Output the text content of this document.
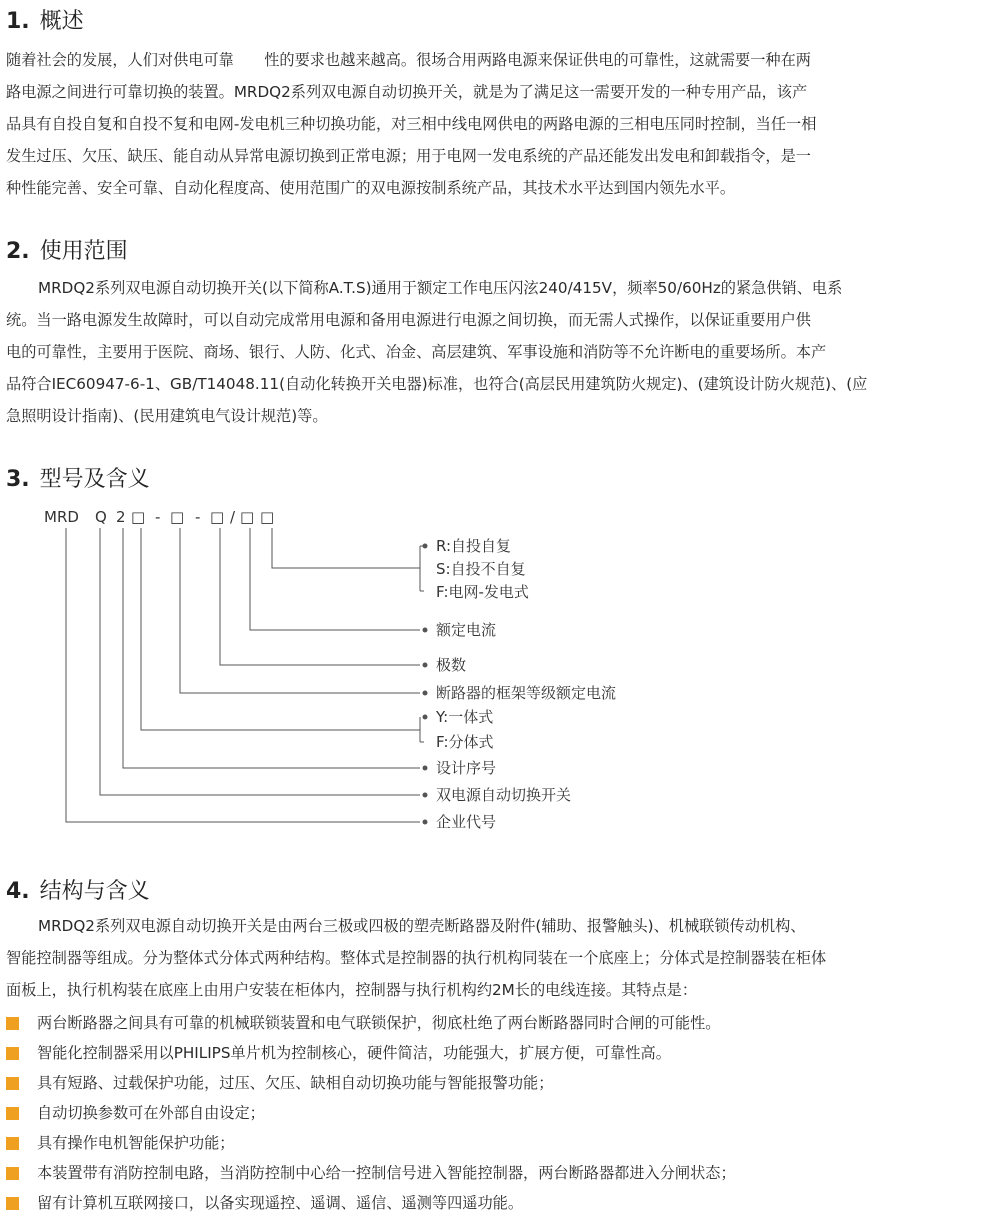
1. 概述

随着社会的发展，人们对供电可靠　　性的要求也越来越高。很场合用两路电源来保证供电的可靠性，这就需要一种在两
路电源之间进行可靠切换的装置。MRDQ2系列双电源自动切换开关，就是为了满足这一需要开发的一种专用产品，该产
品具有自投自复和自投不复和电网-发电机三种切换功能，对三相中线电网供电的两路电源的三相电压同时控制，当任一相
发生过压、欠压、缺压、能自动从异常电源切换到正常电源；用于电网一发电系统的产品还能发出发电和卸载指令，是一
种性能完善、安全可靠、自动化程度高、使用范围广的双电源按制系统产品，其技术水平达到国内领先水平。

2. 使用范围

MRDQ2系列双电源自动切换开关(以下简称A.T.S)通用于额定工作电压闪泫240/415V，频率50/60Hz的紧急供销、电系
统。当一路电源发生故障时，可以自动完成常用电源和备用电源进行电源之间切换，而无需人式操作，以保证重要用户供
电的可靠性，主要用于医院、商场、银行、人防、化式、冶金、高层建筑、军事设施和消防等不允许断电的重要场所。本产
品符合IEC60947-6-1、GB/T14048.11(自动化转换开关电器)标准，也符合(高层民用建筑防火规定)、(建筑设计防火规范)、(应
急照明设计指南)、(民用建筑电气设计规范)等。

3. 型号及含义
MRD Q 2 □ - □ - □ / □ □
R:自投自复
S:自投不自复
F:电网-发电式
额定电流
极数
断路器的框架等级额定电流
Y:一体式
F:分体式
设计序号
双电源自动切换开关
企业代号
4. 结构与含义

MRDQ2系列双电源自动切换开关是由两台三极或四极的塑壳断路器及附件(辅助、报警触头)、机械联锁传动机构、
智能控制器等组成。分为整体式分体式两种结构。整体式是控制器的执行机构同装在一个底座上；分体式是控制器装在柜体
面板上，执行机构装在底座上由用户安装在柜体内，控制器与执行机构约2M长的电线连接。其特点是：

两台断路器之间具有可靠的机械联锁装置和电气联锁保护，彻底杜绝了两台断路器同时合闸的可能性。
智能化控制器采用以PHILIPS单片机为控制核心，硬件简洁，功能强大，扩展方便，可靠性高。
具有短路、过载保护功能，过压、欠压、缺相自动切换功能与智能报警功能；
自动切换参数可在外部自由设定；
具有操作电机智能保护功能；
本装置带有消防控制电路，当消防控制中心给一控制信号进入智能控制器，两台断路器都进入分闸状态；
留有计算机互联网接口，以备实现遥控、遥调、遥信、遥测等四遥功能。
